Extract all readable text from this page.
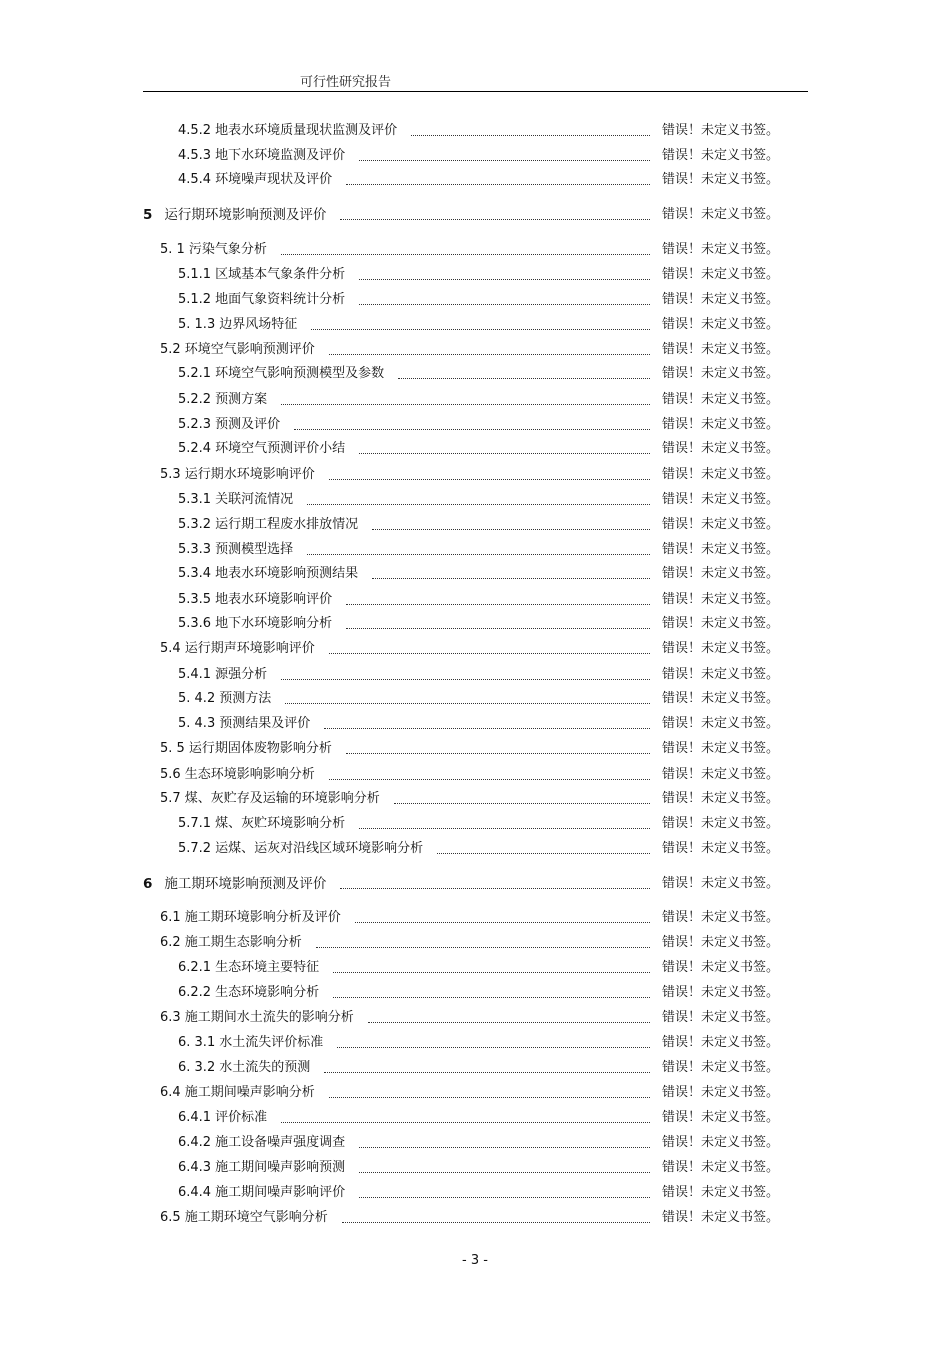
可行性研究报告
4.5.2 地表水环境质量现状监测及评价	错误！未定义书签。
4.5.3 地下水环境监测及评价	错误！未定义书签。
4.5.4 环境噪声现状及评价	错误！未定义书签。
5 运行期环境影响预测及评价	错误！未定义书签。
5. 1 污染气象分析	错误！未定义书签。
5.1.1 区域基本气象条件分析	错误！未定义书签。
5.1.2 地面气象资料统计分析	错误！未定义书签。
5. 1.3 边界风场特征	错误！未定义书签。
5.2 环境空气影响预测评价	错误！未定义书签。
5.2.1 环境空气影响预测模型及参数	错误！未定义书签。
5.2.2 预测方案	错误！未定义书签。
5.2.3 预测及评价	错误！未定义书签。
5.2.4 环境空气预测评价小结	错误！未定义书签。
5.3 运行期水环境影响评价	错误！未定义书签。
5.3.1 关联河流情况	错误！未定义书签。
5.3.2 运行期工程废水排放情况	错误！未定义书签。
5.3.3 预测模型选择	错误！未定义书签。
5.3.4 地表水环境影响预测结果	错误！未定义书签。
5.3.5 地表水环境影响评价	错误！未定义书签。
5.3.6 地下水环境影响分析	错误！未定义书签。
5.4 运行期声环境影响评价	错误！未定义书签。
5.4.1 源强分析	错误！未定义书签。
5. 4.2 预测方法	错误！未定义书签。
5. 4.3 预测结果及评价	错误！未定义书签。
5. 5 运行期固体废物影响分析	错误！未定义书签。
5.6 生态环境影响影响分析	错误！未定义书签。
5.7 煤、灰贮存及运输的环境影响分析	错误！未定义书签。
5.7.1 煤、灰贮环境影响分析	错误！未定义书签。
5.7.2 运煤、运灰对沿线区域环境影响分析	错误！未定义书签。
6 施工期环境影响预测及评价	错误！未定义书签。
6.1 施工期环境影响分析及评价	错误！未定义书签。
6.2 施工期生态影响分析	错误！未定义书签。
6.2.1 生态环境主要特征	错误！未定义书签。
6.2.2 生态环境影响分析	错误！未定义书签。
6.3 施工期间水土流失的影响分析	错误！未定义书签。
6. 3.1 水土流失评价标准	错误！未定义书签。
6. 3.2 水土流失的预测	错误！未定义书签。
6.4 施工期间噪声影响分析	错误！未定义书签。
6.4.1 评价标准	错误！未定义书签。
6.4.2 施工设备噪声强度调查	错误！未定义书签。
6.4.3 施工期间噪声影响预测	错误！未定义书签。
6.4.4 施工期间噪声影响评价	错误！未定义书签。
6.5 施工期环境空气影响分析	错误！未定义书签。
- 3 -
